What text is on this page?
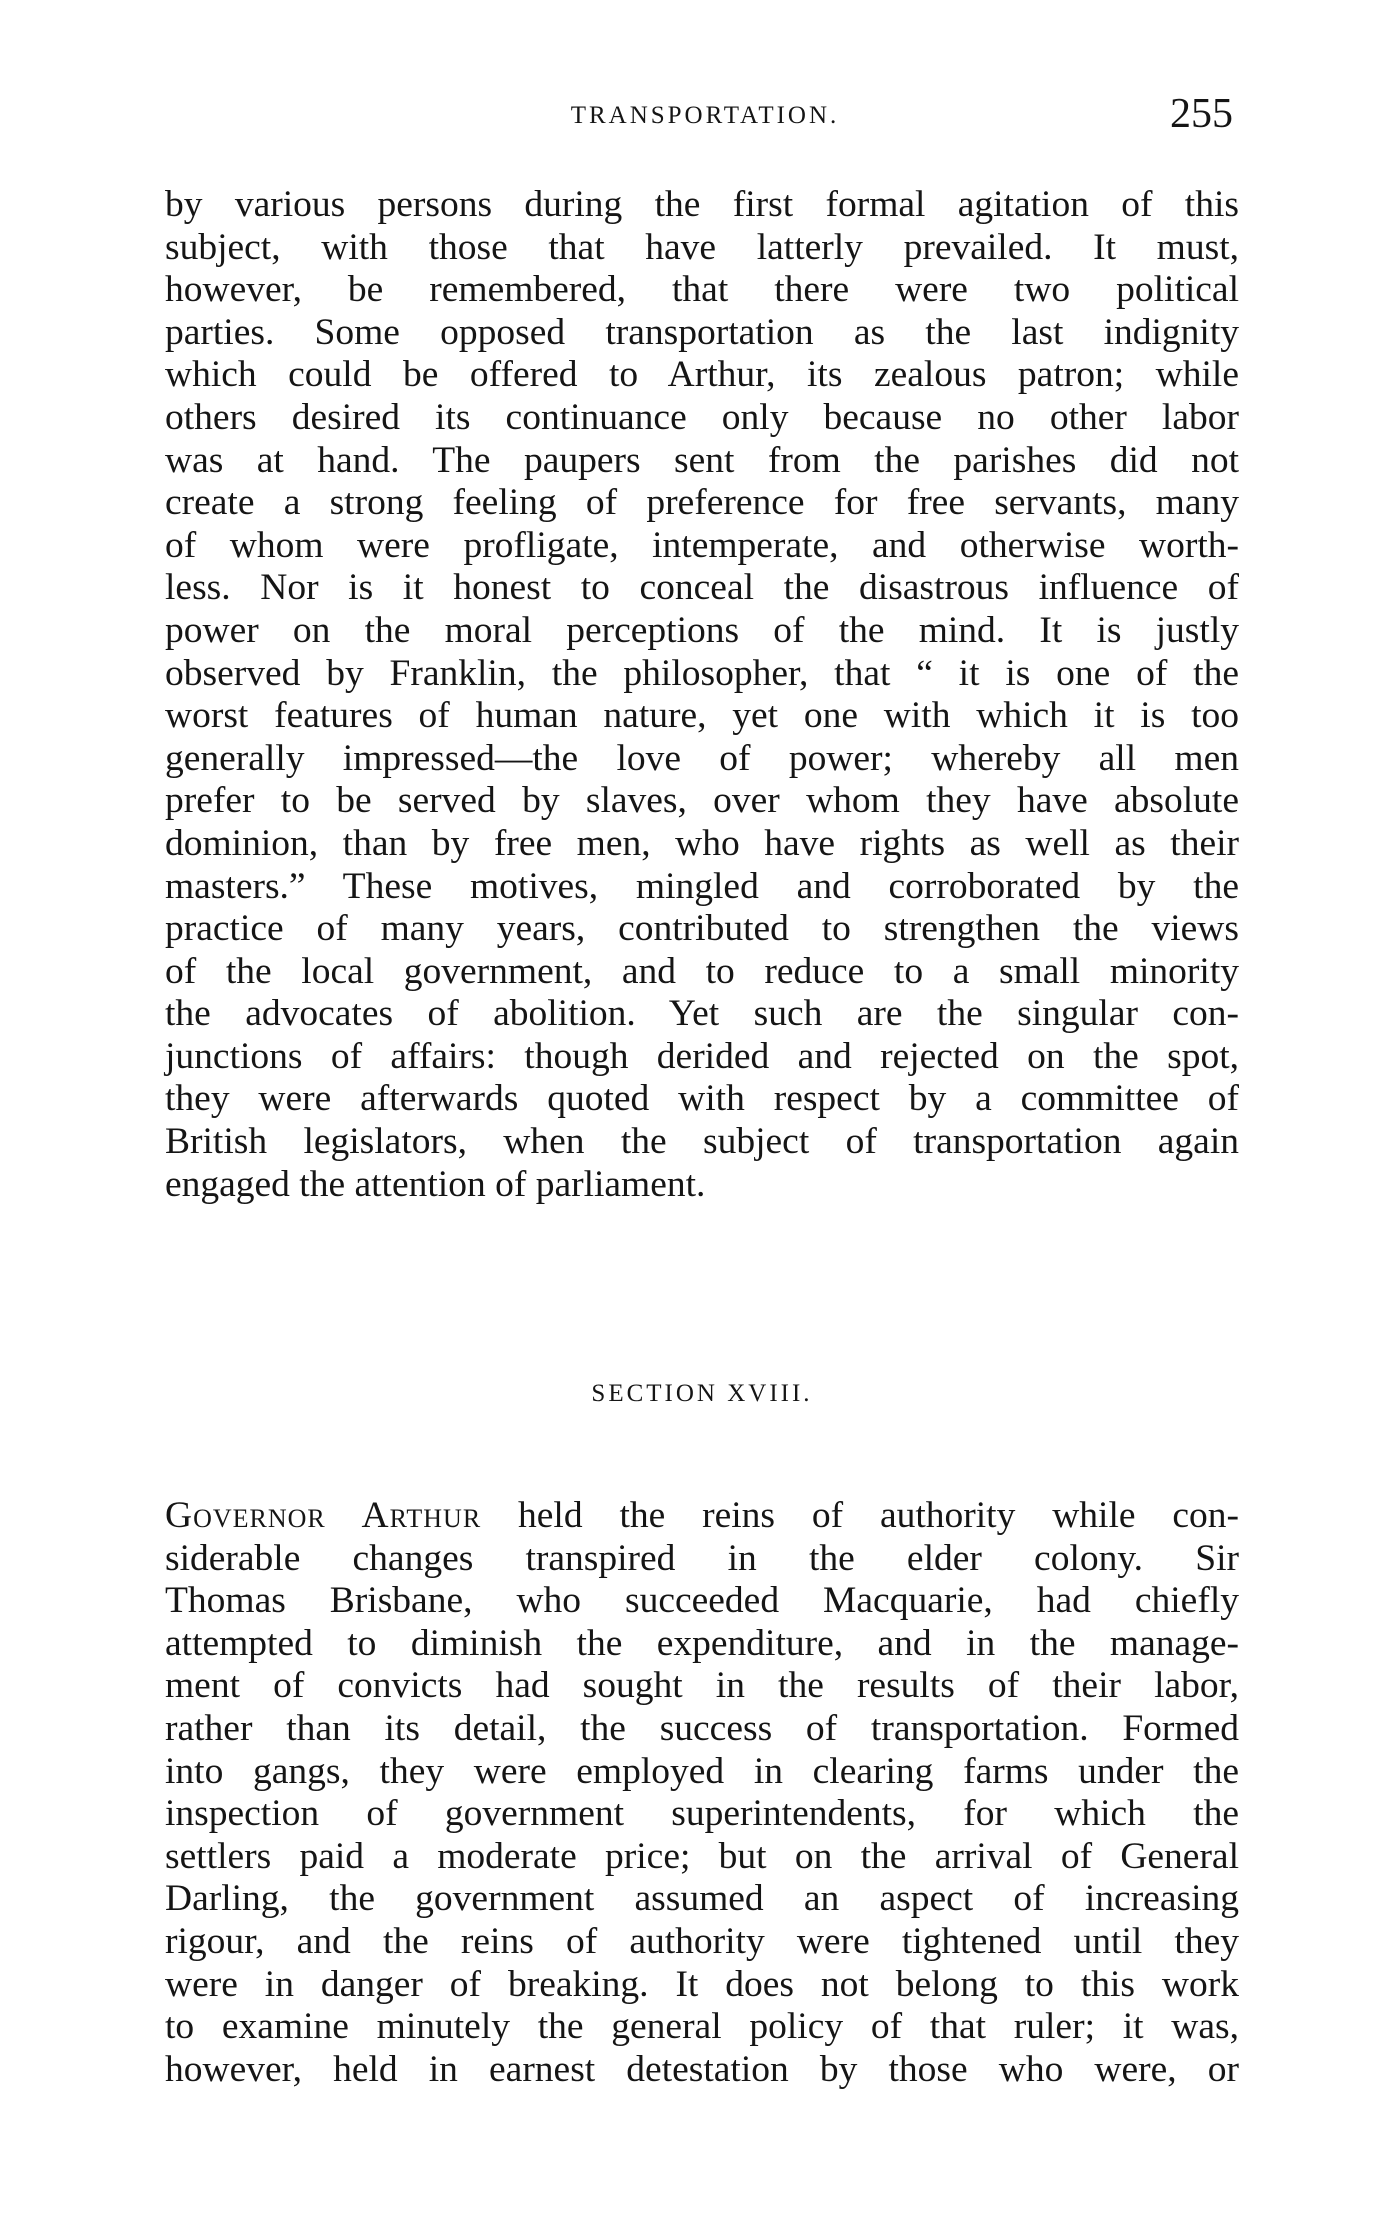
TRANSPORTATION.	255
by various persons during the first formal agitation of this
subject, with those that have latterly prevailed. It must,
however, be remembered, that there were two political
parties. Some opposed transportation as the last indignity
which could be offered to Arthur, its zealous patron; while
others desired its continuance only because no other labor
was at hand. The paupers sent from the parishes did not
create a strong feeling of preference for free servants, many
of whom were profligate, intemperate, and otherwise worth-
less. Nor is it honest to conceal the disastrous influence of
power on the moral perceptions of the mind. It is justly
observed by Franklin, the philosopher, that “ it is one of the
worst features of human nature, yet one with which it is too
generally impressed—the love of power; whereby all men
prefer to be served by slaves, over whom they have absolute
dominion, than by free men, who have rights as well as their
masters.” These motives, mingled and corroborated by the
practice of many years, contributed to strengthen the views
of the local government, and to reduce to a small minority
the advocates of abolition. Yet such are the singular con-
junctions of affairs: though derided and rejected on the spot,
they were afterwards quoted with respect by a committee of
British legislators, when the subject of transportation again
engaged the attention of parliament.
SECTION XVIII.
Governor Arthur held the reins of authority while con-
siderable changes transpired in the elder colony. Sir
Thomas Brisbane, who succeeded Macquarie, had chiefly
attempted to diminish the expenditure, and in the manage-
ment of convicts had sought in the results of their labor,
rather than its detail, the success of transportation. Formed
into gangs, they were employed in clearing farms under the
inspection of government superintendents, for which the
settlers paid a moderate price; but on the arrival of General
Darling, the government assumed an aspect of increasing
rigour, and the reins of authority were tightened until they
were in danger of breaking. It does not belong to this work
to examine minutely the general policy of that ruler; it was,
however, held in earnest detestation by those who were, or
